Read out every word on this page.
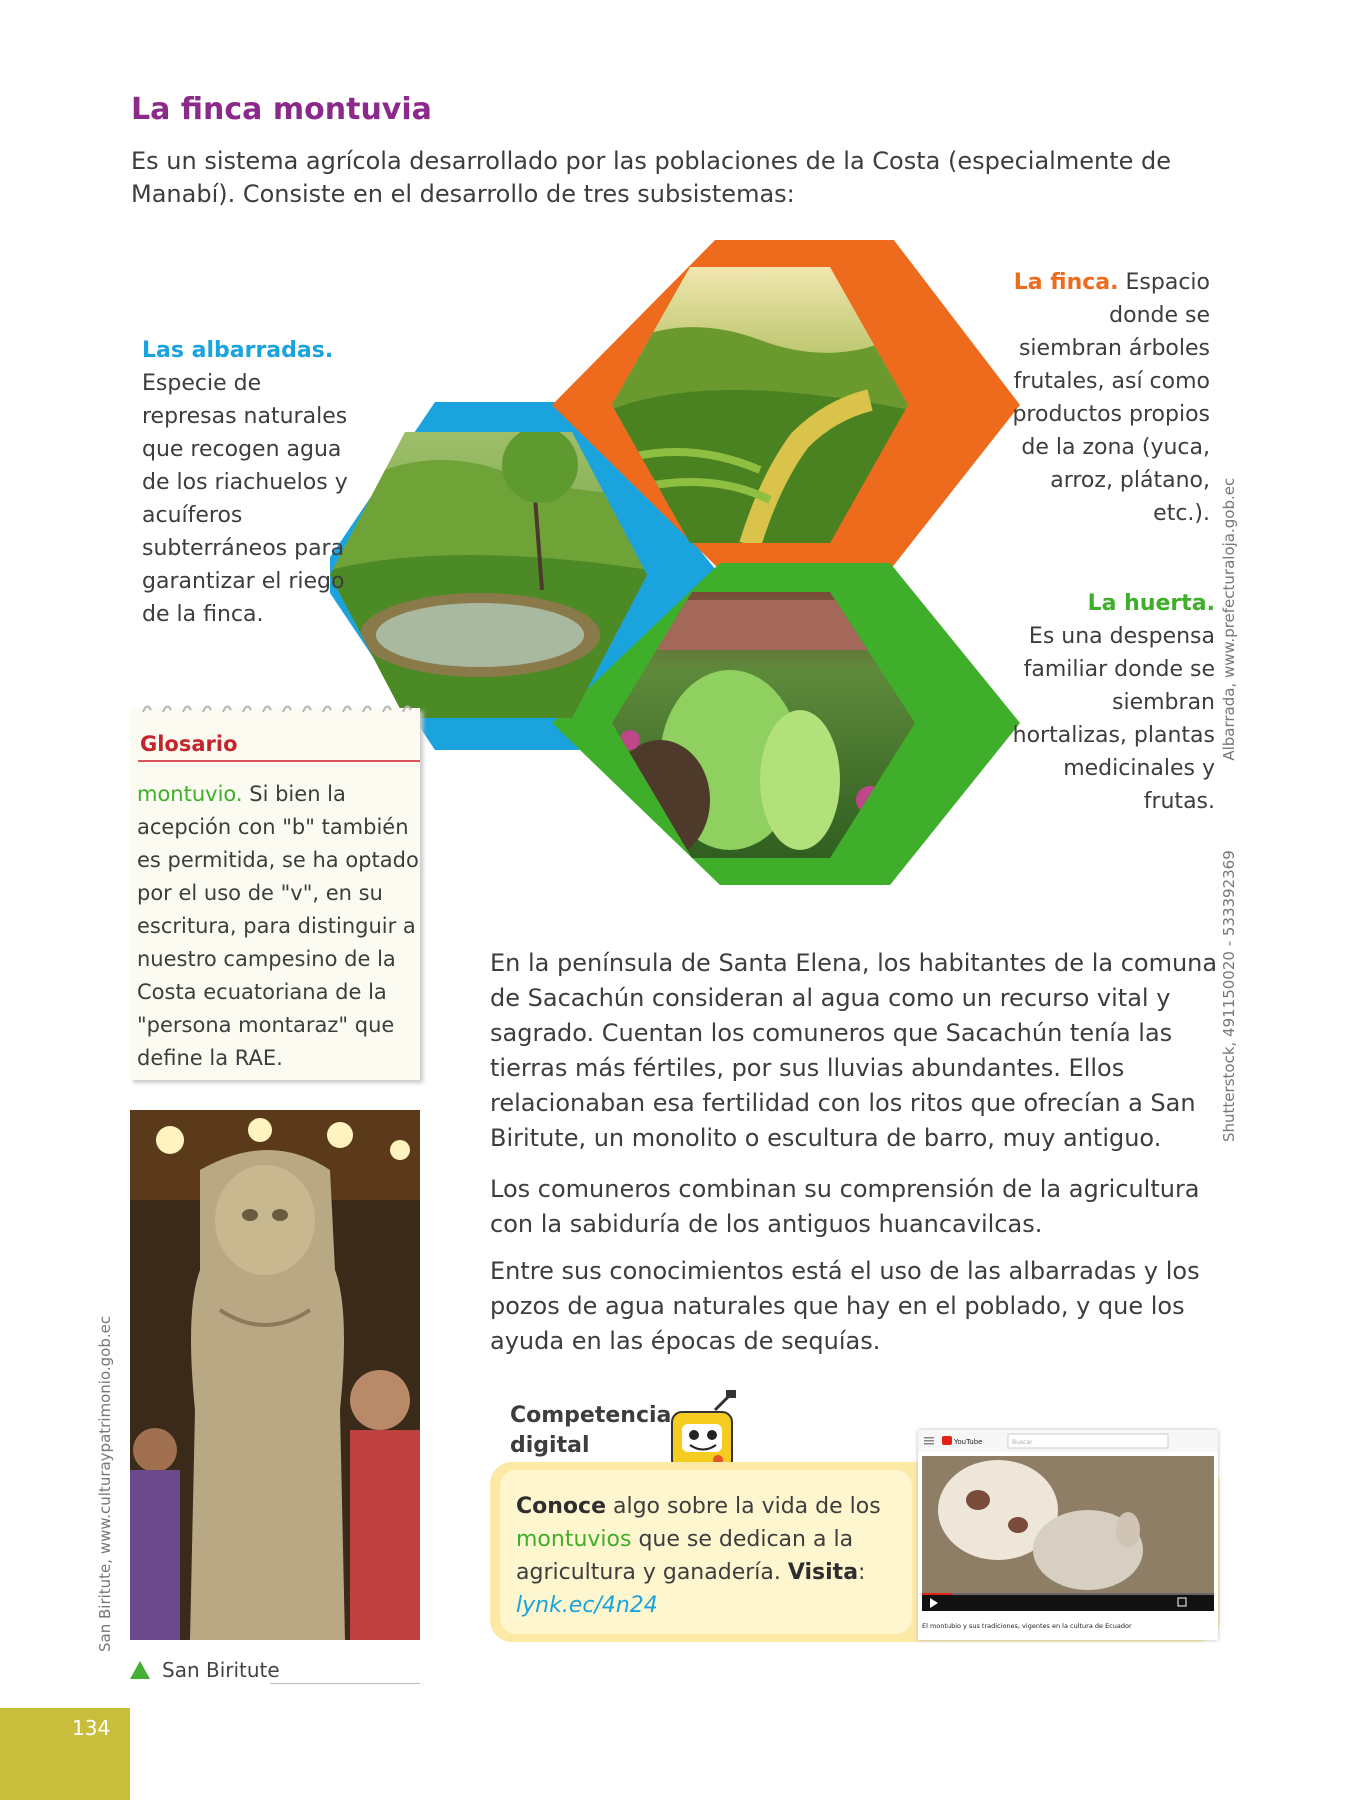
La finca montuvia
Es un sistema agrícola desarrollado por las poblaciones de la Costa (especialmente de Manabí). Consiste en el desarrollo de tres subsistemas:
Las albarradas. Especie de represas naturales que recogen agua de los riachuelos y acuíferos subterráneos para garantizar el riego de la finca.
La finca. Espacio donde se siembran árboles frutales, así como productos propios de la zona (yuca, arroz, plátano, etc.).
La huerta.
Es una despensa familiar donde se siembran hortalizas, plantas medicinales y frutas.
Shutterstock, 491150020 - 533392369  Albarrada, www.prefecturaloja.gob.ec
San Biritute, www.culturaypatrimonio.gob.ec
Glosario
montuvio. Si bien la acepción con "b" también es permitida, se ha optado por el uso de "v", en su escritura, para distinguir a nuestro campesino de la Costa ecuatoriana de la "persona montaraz" que define la RAE.
San Biritute
En la península de Santa Elena, los habitantes de la comuna de Sacachún consideran al agua como un recurso vital y sagrado. Cuentan los comuneros que Sacachún tenía las tierras más fértiles, por sus lluvias abundantes. Ellos relacionaban esa fertilidad con los ritos que ofrecían a San Biritute, un monolito o escultura de barro, muy antiguo.
Los comuneros combinan su comprensión de la agricultura con la sabiduría de los antiguos huancavilcas.
Entre sus conocimientos está el uso de las albarradas y los pozos de agua naturales que hay en el poblado, y que los ayuda en las épocas de sequías.
Competencia digital
Conoce algo sobre la vida de los montuvios que se dedican a la agricultura y ganadería. Visita:
lynk.ec/4n24
YouTube	Buscar
El montubio y sus tradiciones, vigentes en la cultura de Ecuador
134
